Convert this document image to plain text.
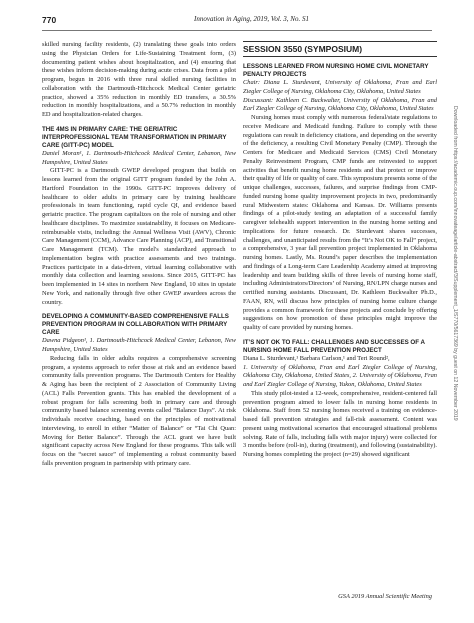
770	Innovation in Aging, 2019, Vol. 3, No. S1

skilled nursing facility residents, (2) translating these goals into orders using the Physician Orders for Life-Sustaining Treatment form, (3) documenting patient wishes about hospitalization, and (4) ensuring that these wishes inform decision-making during acute crises. Data from a pilot program, begun in 2016 with three rural skilled nursing facilities in collaboration with the Dartmouth-Hitchcock Medical Center geriatric practice, showed a 35% reduction in monthly ED transfers, a 30.5% reduction in monthly hospitalizations, and a 50.7% reduction in monthly ED and hospitalization-related charges.

THE 4MS IN PRIMARY CARE: THE GERIATRIC INTERPROFESSIONAL TEAM TRANSFORMATION IN PRIMARY CARE (GITT-PC) MODEL

Daniel Moran¹, 1. Dartmouth-Hitchcock Medical Center, Lebanon, New Hampshire, United States

GITT-PC is a Dartmouth GWEP developed program that builds on lessons learned from the original GITT program funded by the John A. Hartford Foundation in the 1990s. GITT-PC improves delivery of healthcare to older adults in primary care by training healthcare professionals in team functioning, rapid cycle QI, and evidence based geriatric practice. The program capitalizes on the role of nursing and other healthcare disciplines. To maximize sustainability, it focuses on Medicare-reimbursable visits, including: the Annual Wellness Visit (AWV), Chronic Care Management (CCM), Advance Care Planning (ACP), and Transitional Care Management (TCM). The model's standardized approach to implementation begins with practice assessments and two trainings. Practices participate in a data-driven, virtual learning collaborative with monthly data collection and learning sessions. Since 2015, GITT-PC has been implemented in 14 sites in northern New England, 10 sites in upstate New York, and nationally through five other GWEP awardees across the country.

DEVELOPING A COMMUNITY-BASED COMPREHENSIVE FALLS PREVENTION PROGRAM IN COLLABORATION WITH PRIMARY CARE

Dawna Pidgeon¹, 1. Dartmouth-Hitchcock Medical Center, Lebanon, New Hampshire, United States

Reducing falls in older adults requires a comprehensive screening program, a systems approach to refer those at risk and an evidence based community falls prevention programs. The Dartmouth Centers for Healthy & Aging has been the recipient of 2 Association of Community Living (ACL) Falls Prevention grants. This has enabled the development of a robust program for falls screening both in primary care and through community based balance screening events called “Balance Days”. At risk individuals receive coaching, based on the principles of motivational interviewing, to enroll in either “Matter of Balance” or “Tai Chi Quan: Moving for Better Balance”. Through the ACL grant we have built significant capacity across New England for these programs. This talk will focus on the “secret sauce” of implementing a robust community based falls prevention program in partnership with primary care.

SESSION 3550 (SYMPOSIUM)

LESSONS LEARNED FROM NURSING HOME CIVIL MONETARY PENALTY PROJECTS

Chair: Diana L. Sturdevant, University of Oklahoma, Fran and Earl Ziegler College of Nursing, Oklahoma City, Oklahoma, United States

Discussant: Kathleen C. Buckwalter, University of Oklahoma, Fran and Earl Ziegler College of Nursing, Oklahoma City, Oklahoma, United States

Nursing homes must comply with numerous federal/state regulations to receive Medicare and Medicaid funding. Failure to comply with these regulations can result in deficiency citations, and depending on the severity of the deficiency, a resulting Civil Monetary Penalty (CMP). Through the Centers for Medicare and Medicaid Services (CMS) Civil Monetary Penalty Reinvestment Program, CMP funds are reinvested to support activities that benefit nursing home residents and that protect or improve their quality of life or quality of care. This symposium presents some of the unique challenges, successes, failures, and surprise findings from CMP-funded nursing home quality improvement projects in two, predominantly rural Midwestern states: Oklahoma and Kansas. Dr. Williams presents findings of a pilot-study testing an adaptation of a successful family caregiver telehealth support intervention in the nursing home setting and implications for future research. Dr. Sturdevant shares successes, challenges, and unanticipated results from the “It’s Not OK to Fall” project, a comprehensive, 3 year fall prevention project implemented in Oklahoma nursing homes. Lastly, Ms. Round’s paper describes the implementation and findings of a Long-term Care Leadership Academy aimed at improving leadership and team building skills of three levels of nursing home staff, including Administrators/Directors’ of Nursing, RN/LPN charge nurses and certified nursing assistants. Discussant, Dr. Kathleen Buckwalter Ph.D., FAAN, RN, will discuss how principles of nursing home culture change provides a common framework for these projects and conclude by offering suggestions on how promotion of these principles might improve the quality of care provided by nursing homes.

IT’S NOT OK TO FALL: CHALLENGES AND SUCCESSES OF A NURSING HOME FALL PREVENTION PROJECT

Diana L. Sturdevant,¹ Barbara Carlson,¹ and Teri Round²,

1. University of Oklahoma, Fran and Earl Ziegler College of Nursing, Oklahoma City, Oklahoma, United States, 2. University of Oklahoma, Fran and Earl Ziegler College of Nursing, Yukon, Oklahoma, United States

This study pilot-tested a 12-week, comprehensive, resident-centered fall prevention program aimed to lower falls in nursing home residents in Oklahoma. Staff from 52 nursing homes received a training on evidence-based fall prevention strategies and fall-risk assessment. Content was present using motivational scenarios that encouraged situational problems solving. Rate of falls, including falls with major injury) were collected for 3 months before (roll-in), during (treatment), and following (sustainability). Nursing homes completing the project (n=29) showed significant

Downloaded from https://academic.oup.com/innovateage/article-abstract/3/Supplement_1/S770/5617369 by guest on 12 November 2019
GSA 2019 Annual Scientific Meeting
